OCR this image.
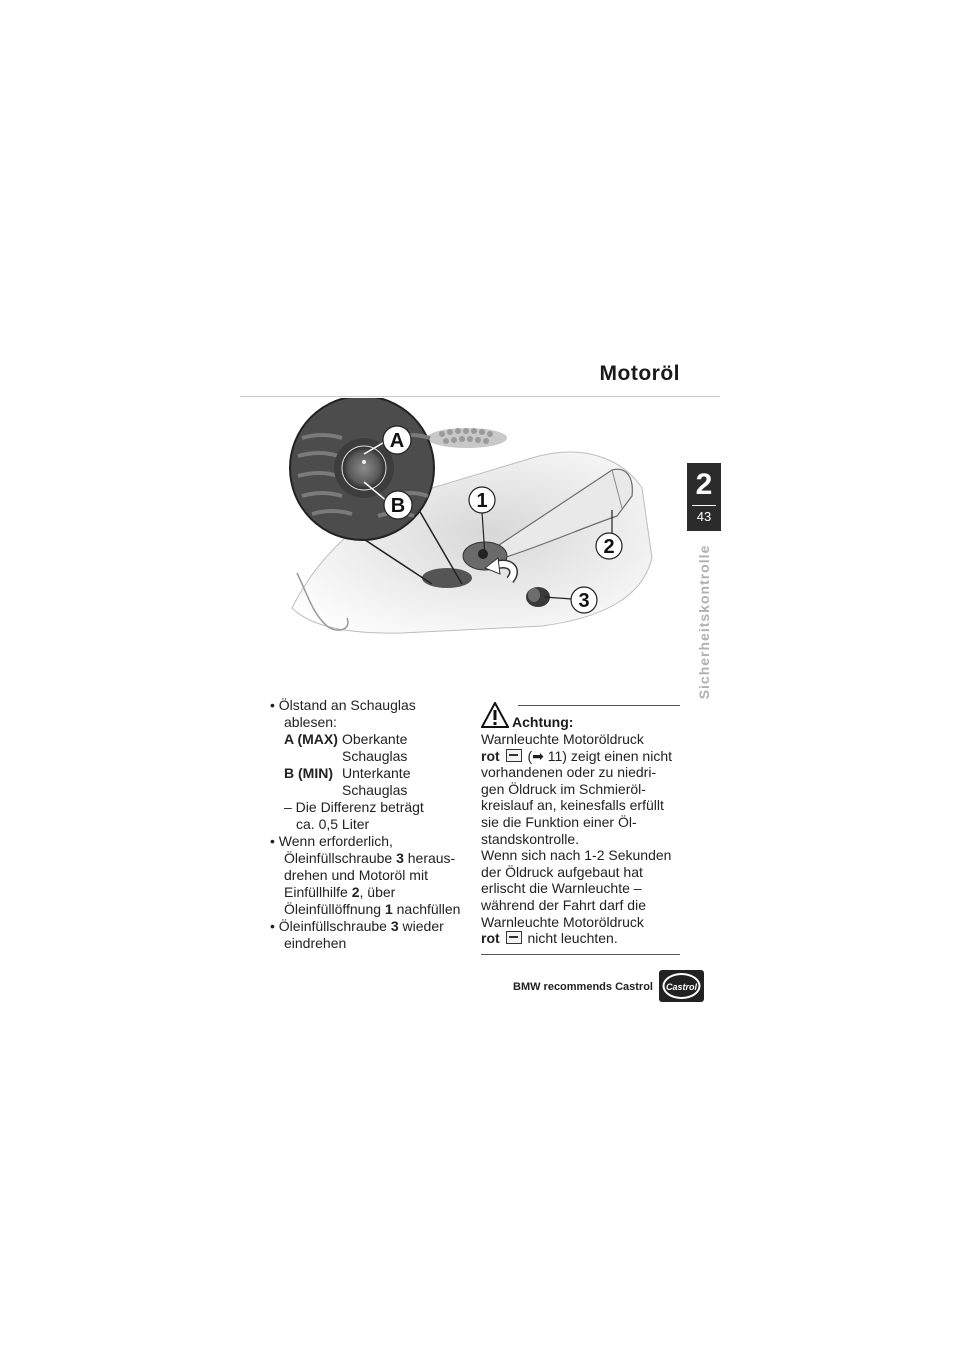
Motoröl
2
43
Sicherheitskontrolle
A
B	1
2
3
• Ölstand an Schauglas
ablesen:
A (MAX) Oberkante
Schauglas
B (MIN) Unterkante
Schauglas
– Die Differenz beträgt
ca. 0,5 Liter
• Wenn erforderlich,
Öleinfüllschraube 3 heraus-
drehen und Motoröl mit
Einfüllhilfe 2, über
Öleinfüllöffnung 1 nachfüllen
• Öleinfüllschraube 3 wieder
eindrehen
Achtung:
Warnleuchte Motoröldruck
rot  (➡ 11) zeigt einen nicht
vorhandenen oder zu niedri-
gen Öldruck im Schmieröl-
kreislauf an, keinesfalls erfüllt
sie die Funktion einer Öl-
standskontrolle.
Wenn sich nach 1-2 Sekunden
der Öldruck aufgebaut hat
erlischt die Warnleuchte –
während der Fahrt darf die
Warnleuchte Motoröldruck
rot  nicht leuchten.
BMW recommends Castrol Castrol
